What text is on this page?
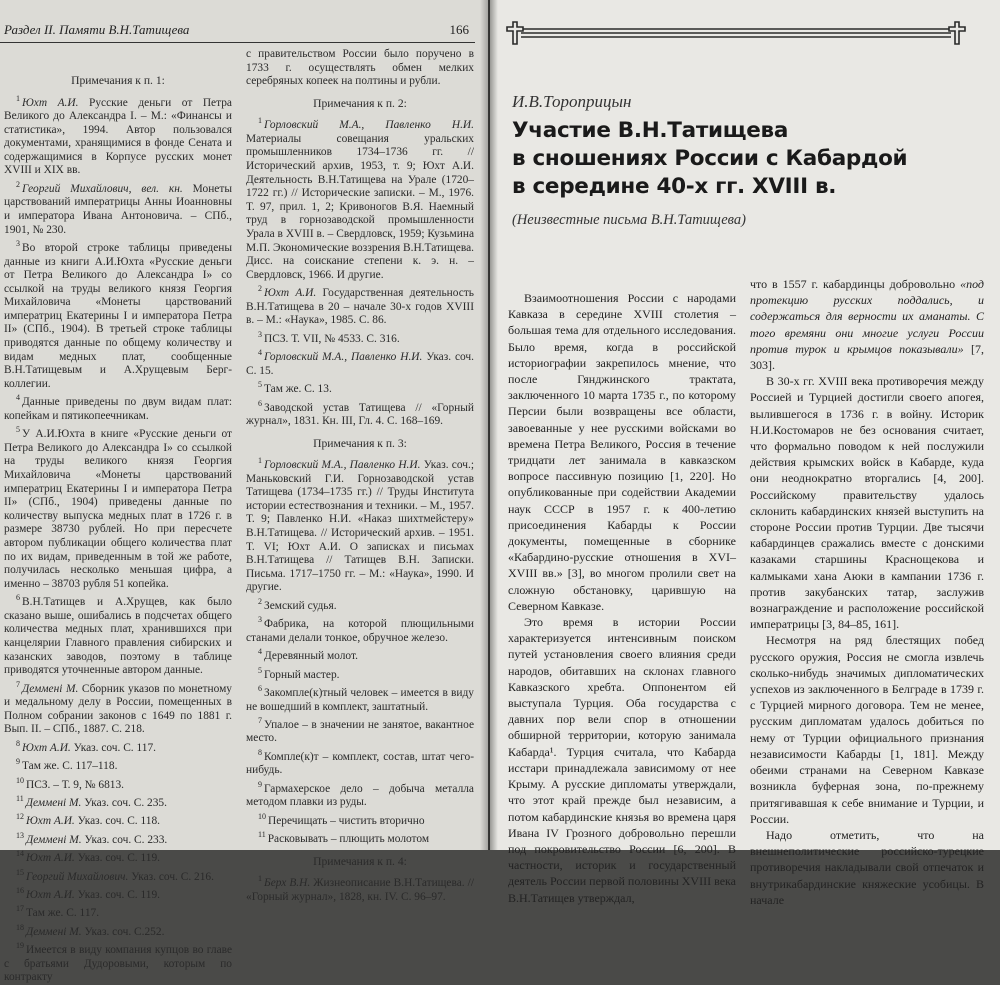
Раздел II. Памяти В.Н.Татищева	166

Примечания к п. 1:

$^1$ Юхт А.И. Русские деньги от Петра Великого до Александра I. – М.: «Финансы и статистика», 1994. Автор пользовался документами, хранящимися в фонде Сената и содержащимися в Корпусе русских монет XVIII и XIX вв.

$^2$ Георгий Михайлович, вел. кн. Монеты царствований императрицы Анны Иоанновны и императора Ивана Антоновича. – СПб., 1901, № 230.

$^3$ Во второй строке таблицы приведены данные из книги А.И.Юхта «Русские деньги от Петра Великого до Александра I» со ссылкой на труды великого князя Георгия Михайловича «Монеты царствований императриц Екатерины I и императора Петра II» (СПб., 1904). В третьей строке таблицы приводятся данные по общему количеству и видам медных плат, сообщенные В.Н.Татищевым и А.Хрущевым Берг-коллегии.

$^4$ Данные приведены по двум видам плат: копейкам и пятикопеечникам.

$^5$ У А.И.Юхта в книге «Русские деньги от Петра Великого до Александра I» со ссылкой на труды великого князя Георгия Михайловича «Монеты царствований императриц Екатерины I и императора Петра II» (СПб., 1904) приведены данные по количеству выпуска медных плат в 1726 г. в размере 38730 рублей. Но при пересчете автором публикации общего количества плат по их видам, приведенным в той же работе, получилась несколько меньшая цифра, а именно – 38703 рубля 51 копейка.

$^6$ В.Н.Татищев и А.Хрущев, как было сказано выше, ошибались в подсчетах общего количества медных плат, хранившихся при канцелярии Главного правления сибирских и казанских заводов, поэтому в таблице приводятся уточненные автором данные.

$^7$ Демменi М. Сборник указов по монетному и медальному делу в России, помещенных в Полном собрании законов с 1649 по 1881 г. Вып. II. – СПб., 1887. С. 218.

$^8$ Юхт А.И. Указ. соч. С. 117.

$^9$ Там же. С. 117–118.

$^{10}$ ПСЗ. – Т. 9, № 6813.

$^{11}$ Демменi М. Указ. соч. С. 235.

$^{12}$ Юхт А.И. Указ. соч. С. 118.

$^{13}$ Демменi М. Указ. соч. С. 233.

$^{14}$ Юхт А.И. Указ. соч. С. 119.

$^{15}$ Георгий Михайлович. Указ. соч. С. 216.

$^{16}$ Юхт А.И. Указ. соч. С. 119.

$^{17}$ Там же. С. 117.

$^{18}$ Демменi М. Указ. соч. С.252.

$^{19}$ Имеется в виду компания купцов во главе с братьями Дудоровыми, которым по контракту

с правительством России было поручено в 1733 г. осуществлять обмен мелких серебряных копеек на полтины и рубли.

Примечания к п. 2:

$^1$ Горловский М.А., Павленко Н.И. Материалы совещания уральских промышленников 1734–1736 гг. // Исторический архив, 1953, т. 9; Юхт А.И. Деятельность В.Н.Татищева на Урале (1720–1722 гг.) // Исторические записки. – М., 1976. Т. 97, прил. 1, 2; Кривоногов В.Я. Наемный труд в горнозаводской промышленности Урала в XVIII в. – Свердловск, 1959; Кузьмина М.П. Экономические воззрения В.Н.Татищева. Дисс. на соискание степени к. э. н. – Свердловск, 1966. И другие.

$^2$ Юхт А.И. Государственная деятельность В.Н.Татищева в 20 – начале 30-х годов XVIII в. – М.: «Наука», 1985. С. 86.

$^3$ ПСЗ. Т. VII, № 4533. С. 316.

$^4$ Горловский М.А., Павленко Н.И. Указ. соч. С. 15.

$^5$ Там же. С. 13.

$^6$ Заводской устав Татищева // «Горный журнал», 1831. Кн. III, Гл. 4. С. 168–169.

Примечания к п. 3:

$^1$ Горловский М.А., Павленко Н.И. Указ. соч.; Маньковский Г.И. Горнозаводской устав Татищева (1734–1735 гг.) // Труды Института истории естествознания и техники. – М., 1957. Т. 9; Павленко Н.И. «Наказ шихтмейстеру» В.Н.Татищева. // Исторический архив. – 1951. Т. VI; Юхт А.И. О записках и письмах В.Н.Татищева // Татищев В.Н. Записки. Письма. 1717–1750 гг. – М.: «Наука», 1990. И другие.

$^2$ Земский судья.

$^3$ Фабрика, на которой плющильными станами делали тонкое, обручное железо.

$^4$ Деревянный молот.

$^5$ Горный мастер.

$^6$ Закомпле(к)тный человек – имеется в виду не вошедший в комплект, заштатный.

$^7$ Упалое – в значении не занятое, вакантное место.

$^8$ Компле(к)т – комплект, состав, штат чего-нибудь.

$^9$ Гармахерское дело – добыча металла методом плавки из руды.

$^{10}$ Перечищать – чистить вторично

$^{11}$ Расковывать – плющить молотом

Примечания к п. 4:

$^1$ Берх В.Н. Жизнеописание В.Н.Татищева. // «Горный журнал», 1828, кн. IV. С. 96–97.

И.В.Тороприцын
Участие В.Н.Татищева
в сношениях России с Кабардой
в середине 40-х гг. XVIII в.
(Неизвестные письма В.Н.Татищева)

Взаимоотношения России с народами Кавказа в середине XVIII столетия – большая тема для отдельного исследования. Было время, когда в российской историографии закрепилось мнение, что после Гянджинского трактата, заключенного 10 марта 1735 г., по которому Персии были возвращены все области, завоеванные у нее русскими войсками во времена Петра Великого, Россия в течение тридцати лет занимала в кавказском вопросе пассивную позицию [1, 220]. Но опубликованные при содействии Академии наук СССР в 1957 г. к 400-летию присоединения Кабарды к России документы, помещенные в сборнике «Кабардино-русские отношения в XVI–XVIII вв.» [3], во многом пролили свет на сложную обстановку, царившую на Северном Кавказе.

Это время в истории России характеризуется интенсивным поиском путей установления своего влияния среди народов, обитавших на склонах главного Кавказского хребта. Оппонентом ей выступала Турция. Оба государства с давних пор вели спор в отношении обширной территории, которую занимала Кабарда¹. Турция считала, что Кабарда исстари принадлежала зависимому от нее Крыму. А русские дипломаты утверждали, что этот край прежде был независим, а потом кабардинские князья во времена царя Ивана IV Грозного добровольно перешли под покровительство России [6, 200]. В частности, историк и государственный деятель России первой половины XVIII века В.Н.Татищев утверждал,

что в 1557 г. кабардинцы добровольно «под протекцию русских поддались, и содержаться для верности их аманаты. С того времяни они многие услуги России против турок и крымцов показывали» [7, 303].

В 30-х гг. XVIII века противоречия между Россией и Турцией достигли своего апогея, вылившегося в 1736 г. в войну. Историк Н.И.Костомаров не без основания считает, что формально поводом к ней послужили действия крымских войск в Кабарде, куда они неоднократно вторгались [4, 200]. Российскому правительству удалось склонить кабардинских князей выступить на стороне России против Турции. Две тысячи кабардинцев сражались вместе с донскими казаками старшины Краснощекова и калмыками хана Аюки в кампании 1736 г. против закубанских татар, заслужив вознаграждение и расположение российской императрицы [3, 84–85, 161].

Несмотря на ряд блестящих побед русского оружия, Россия не смогла извлечь сколько-нибудь значимых дипломатических успехов из заключенного в Белграде в 1739 г. с Турцией мирного договора. Тем не менее, русским дипломатам удалось добиться по нему от Турции официального признания независимости Кабарды [1, 181]. Между обеими странами на Северном Кавказе возникла буферная зона, по-прежнему притягивавшая к себе внимание и Турции, и России.

Надо отметить, что на внешнеполитические российско-турецкие противоречия накладывали свой отпечаток и внутрикабардинские княжеские усобицы. В начале
